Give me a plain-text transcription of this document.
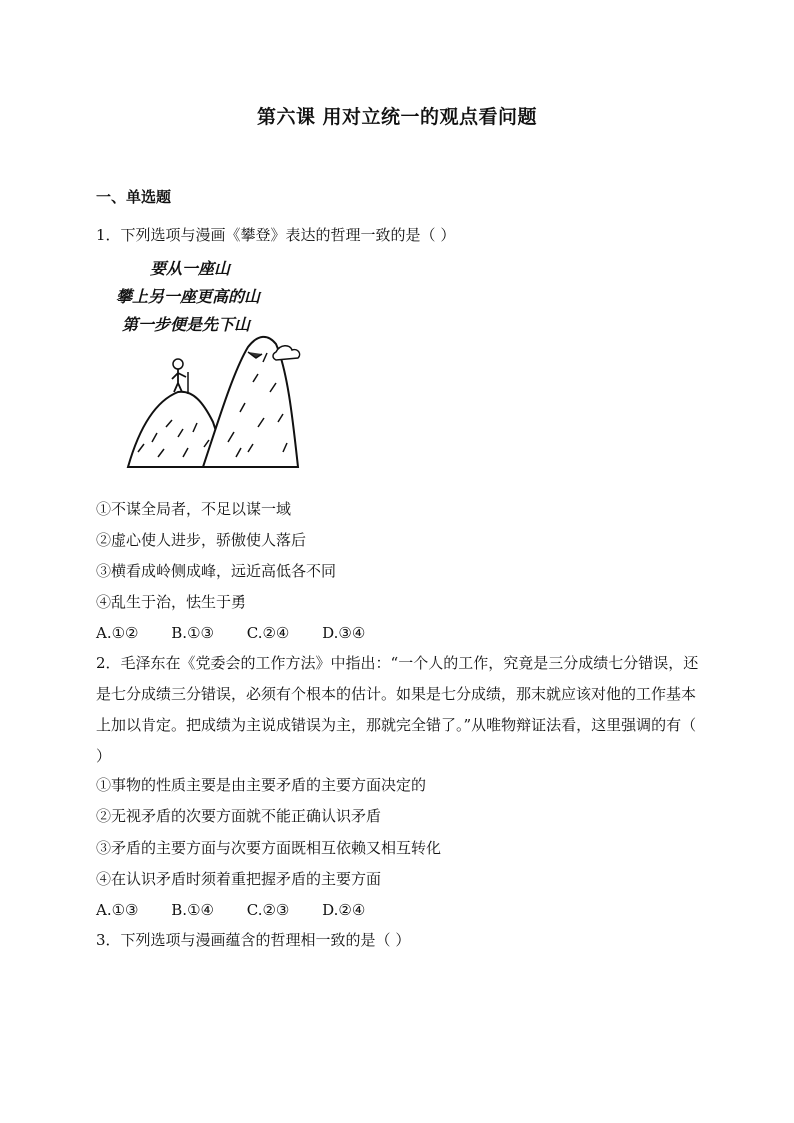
第六课 用对立统一的观点看问题
一、单选题
1．下列选项与漫画《攀登》表达的哲理一致的是（ ）
要从一座山
攀上另一座更高的山
第一步便是先下山
①不谋全局者，不足以谋一域
②虚心使人进步，骄傲使人落后
③横看成岭侧成峰，远近高低各不同
④乱生于治，怯生于勇
A.①② B.①③ C.②④ D.③④
2．毛泽东在《党委会的工作方法》中指出：“一个人的工作，究竟是三分成绩七分错误，还是七分成绩三分错误，必须有个根本的估计。如果是七分成绩，那末就应该对他的工作基本上加以肯定。把成绩为主说成错误为主，那就完全错了。”从唯物辩证法看，这里强调的有（ ）
①事物的性质主要是由主要矛盾的主要方面决定的
②无视矛盾的次要方面就不能正确认识矛盾
③矛盾的主要方面与次要方面既相互依赖又相互转化
④在认识矛盾时须着重把握矛盾的主要方面
A.①③ B.①④ C.②③ D.②④
3．下列选项与漫画蕴含的哲理相一致的是（ ）
